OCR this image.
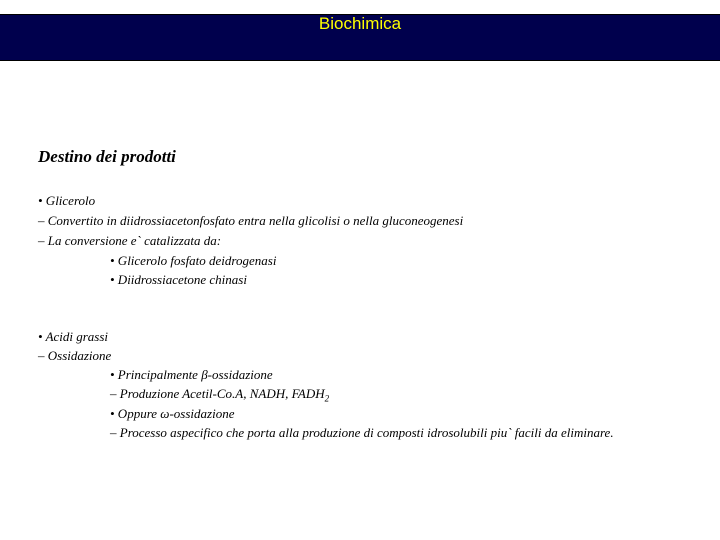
Biochimica
Destino dei prodotti
• Glicerolo
– Convertito in diidrossiacetonfosfato entra nella glicolisi o nella gluconeogenesi
– La conversione e` catalizzata da:
• Glicerolo fosfato deidrogenasi
• Diidrossiacetone chinasi
• Acidi grassi
– Ossidazione
• Principalmente β-ossidazione
– Produzione Acetil-Co.A, NADH, $FADH_2$
• Oppure ω-ossidazione
– Processo aspecifico che porta alla produzione di composti idrosolubili piu` facili da eliminare.
